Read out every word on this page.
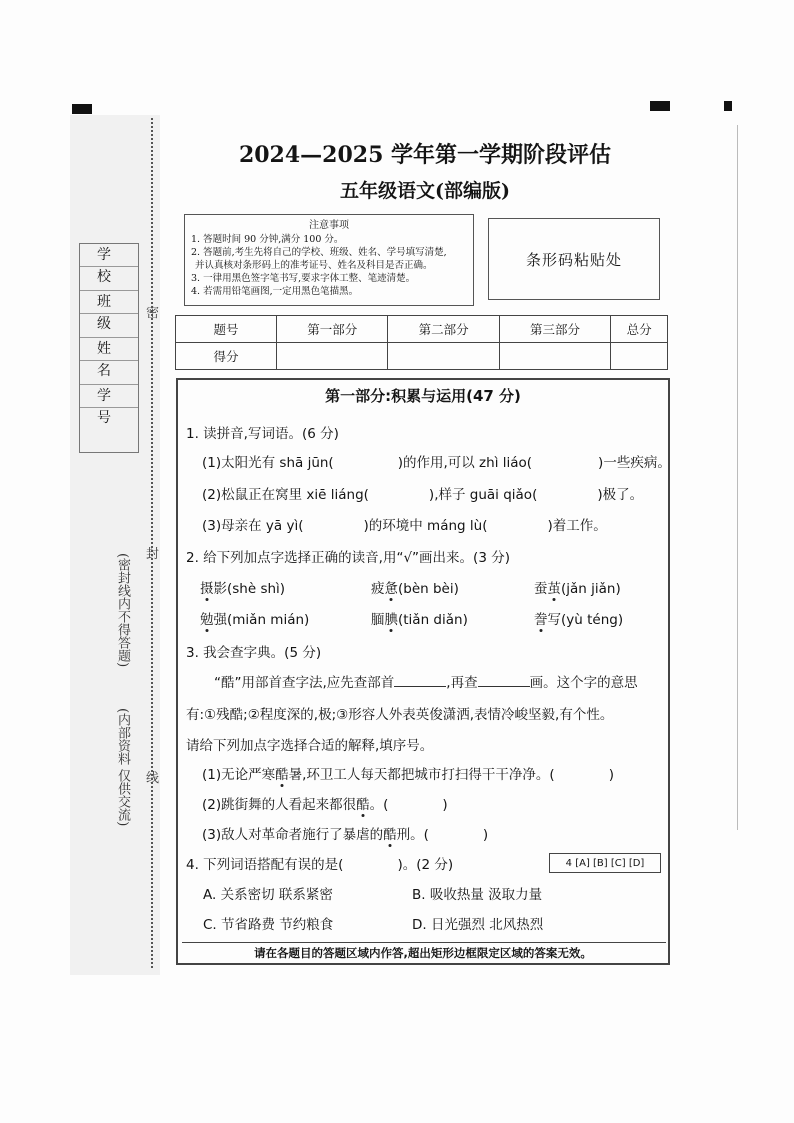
学 校
班 级
姓 名
学 号
密
封
线
(密封线内不得答题)
(内部资料 仅供交流)
2024—2025 学年第一学期阶段评估
五年级语文(部编版)
注意事项
1. 答题时间 90 分钟,满分 100 分。
2. 答题前,考生先将自己的学校、班级、姓名、学号填写清楚,
并认真核对条形码上的准考证号、姓名及科目是否正确。
3. 一律用黑色签字笔书写,要求字体工整、笔迹清楚。
4. 若需用铅笔画图,一定用黑色笔描黑。
条形码粘贴处
题号	第一部分	第二部分	第三部分	总分
得分				
第一部分:积累与运用(47 分)
1. 读拼音,写词语。(6 分)
(1)太阳光有 shā jūn(	)的作用,可以 zhì liáo(	)一些疾病。
(2)松鼠正在窝里 xiē liáng(	),样子 guāi qiǎo(	)极了。
(3)母亲在 yā yì(	)的环境中 máng lù(	)着工作。
2. 给下列加点字选择正确的读音,用“√”画出来。(3 分)
摄影(shè shì)	疲惫(bèn bèi)	蚕茧(jǎn jiǎn)
勉强(miǎn mián)	腼腆(tiǎn diǎn)	誊写(yù téng)
3. 我会查字典。(5 分)
“酷”用部首查字法,应先查部首	,再查	画。这个字的意思
有:①残酷;②程度深的,极;③形容人外表英俊潇洒,表情冷峻坚毅,有个性。
请给下列加点字选择合适的解释,填序号。
(1)无论严寒酷暑,环卫工人每天都把城市打扫得干干净净。(	)
(2)跳街舞的人看起来都很酷。(	)
(3)敌人对革命者施行了暴虐的酷刑。(	)
4. 下列词语搭配有误的是(	)。(2 分)	4 [A] [B] [C] [D]
A. 关系密切 联系紧密	B. 吸收热量 汲取力量
C. 节省路费 节约粮食	D. 日光强烈 北风热烈
请在各题目的答题区域内作答,超出矩形边框限定区域的答案无效。
